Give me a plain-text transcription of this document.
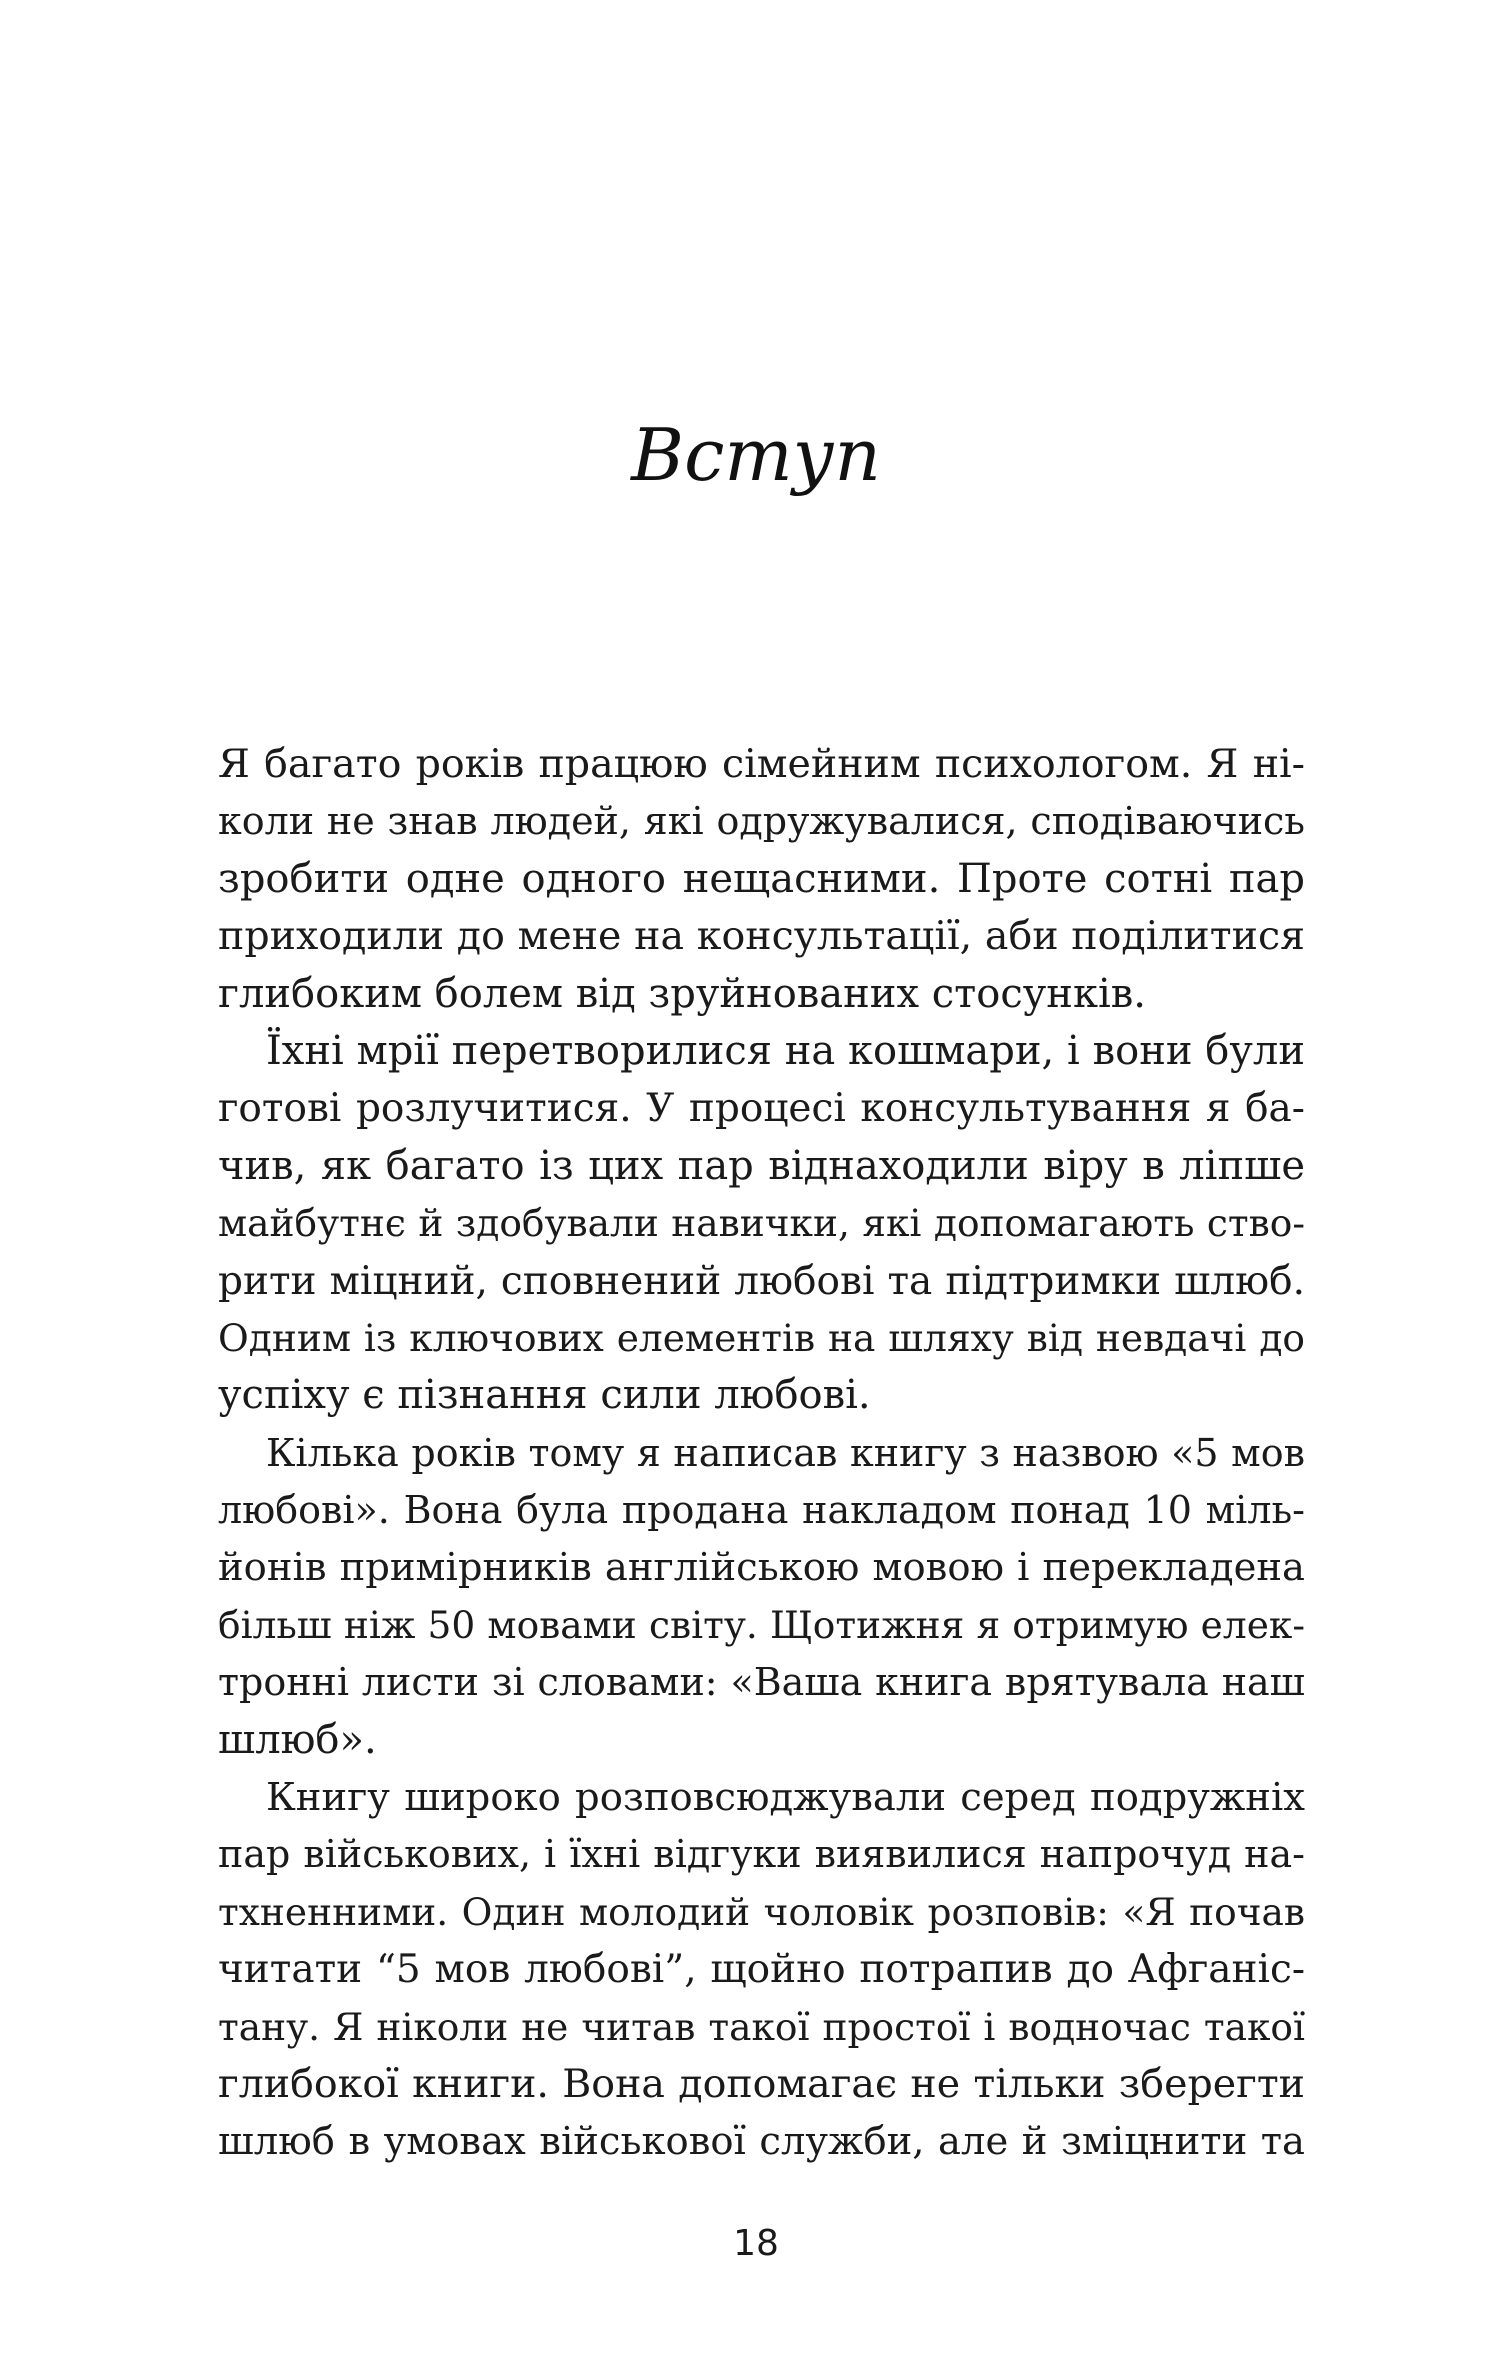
Вступ
Я багато років працюю сімейним психологом. Я ні-
коли не знав людей, які одружувалися, сподіваючись
зробити одне одного нещасними. Проте сотні пар
приходили до мене на консультації, аби поділитися
глибоким болем від зруйнованих стосунків.
Їхні мрії перетворилися на кошмари, і вони були
готові розлучитися. У процесі консультування я ба-
чив, як багато із цих пар віднаходили віру в ліпше
майбутнє й здобували навички, які допомагають ство-
рити міцний, сповнений любові та підтримки шлюб.
Одним із ключових елементів на шляху від невдачі до
успіху є пізнання сили любові.
Кілька років тому я написав книгу з назвою «5 мов
любові». Вона була продана накладом понад 10 міль-
йонів примірників англійською мовою і перекладена
більш ніж 50 мовами світу. Щотижня я отримую елек-
тронні листи зі словами: «Ваша книга врятувала наш
шлюб».
Книгу широко розповсюджували серед подружніх
пар військових, і їхні відгуки виявилися напрочуд на-
тхненними. Один молодий чоловік розповів: «Я почав
читати “5 мов любові”, щойно потрапив до Афганіс-
тану. Я ніколи не читав такої простої і водночас такої
глибокої книги. Вона допомагає не тільки зберегти
шлюб в умовах військової служби, але й зміцнити та
18
